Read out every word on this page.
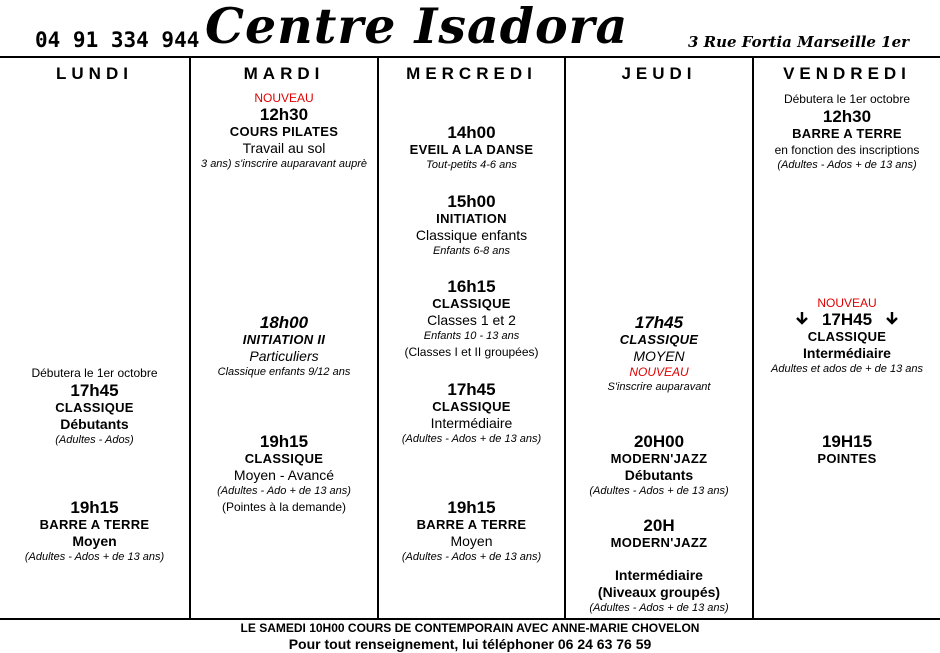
04 91 334 944 Centre Isadora	3 Rue Fortia Marseille 1er
LUNDI
Débutera le 1er octobre
17h45
CLASSIQUE
Débutants
(Adultes - Ados)
19h15
BARRE A TERRE
Moyen
(Adultes - Ados + de 13 ans)
MARDI
NOUVEAU
12h30
COURS PILATES
Travail au sol
3 ans) s'inscrire auparavant auprè
18h00
INITIATION II
Particuliers
Classique enfants 9/12 ans
19h15
CLASSIQUE
Moyen - Avancé
(Adultes - Ado + de 13 ans)
(Pointes à la demande)
MERCREDI
14h00
EVEIL A LA DANSE
Tout-petits 4-6 ans
15h00
INITIATION
Classique enfants
Enfants 6-8 ans
16h15
CLASSIQUE
Classes 1 et 2
Enfants 10 - 13 ans
(Classes I et II groupées)
17h45
CLASSIQUE
Intermédiaire
(Adultes - Ados + de 13 ans)
19h15
BARRE A TERRE
Moyen
(Adultes - Ados + de 13 ans)
JEUDI
17h45
CLASSIQUE
MOYEN
NOUVEAU
S'inscrire auparavant
20H00
MODERN'JAZZ
Débutants
(Adultes - Ados + de 13 ans)
20H
MODERN'JAZZ
Intermédiaire
(Niveaux groupés)
(Adultes - Ados + de 13 ans)
VENDREDI
Débutera le 1er octobre
12h30
BARRE A TERRE
en fonction des inscriptions
(Adultes - Ados + de 13 ans)
NOUVEAU
17H45
CLASSIQUE
Intermédiaire
Adultes et ados de + de 13 ans
19H15
POINTES
LE SAMEDI 10H00 COURS DE CONTEMPORAIN AVEC ANNE-MARIE CHOVELON
Pour tout renseignement, lui téléphoner 06 24 63 76 59
